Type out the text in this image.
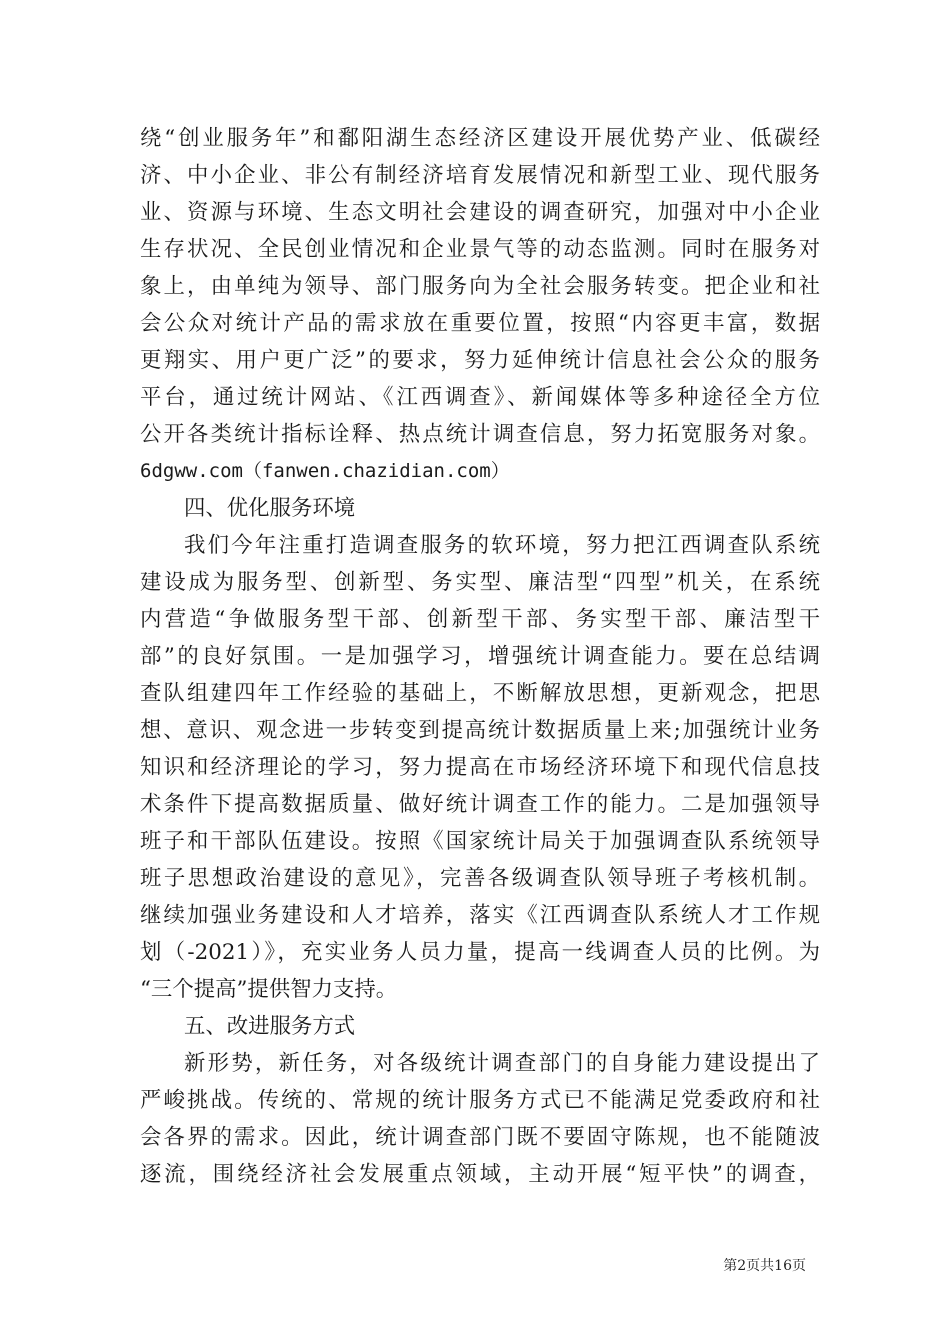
绕“创业服务年”和鄱阳湖生态经济区建设开展优势产业、低碳经

济、中小企业、非公有制经济培育发展情况和新型工业、现代服务

业、资源与环境、生态文明社会建设的调查研究，加强对中小企业

生存状况、全民创业情况和企业景气等的动态监测。同时在服务对

象上，由单纯为领导、部门服务向为全社会服务转变。把企业和社

会公众对统计产品的需求放在重要位置，按照“内容更丰富，数据

更翔实、用户更广泛”的要求，努力延伸统计信息社会公众的服务

平台，通过统计网站、《江西调查》、新闻媒体等多种途径全方位

公开各类统计指标诠释、热点统计调查信息，努力拓宽服务对象。

6dgww.com（fanwen.chazidian.com）

四、优化服务环境

我们今年注重打造调查服务的软环境，努力把江西调查队系统

建设成为服务型、创新型、务实型、廉洁型“四型”机关，在系统

内营造“争做服务型干部、创新型干部、务实型干部、廉洁型干

部”的良好氛围。一是加强学习，增强统计调查能力。要在总结调

查队组建四年工作经验的基础上，不断解放思想，更新观念，把思

想、意识、观念进一步转变到提高统计数据质量上来;加强统计业务

知识和经济理论的学习，努力提高在市场经济环境下和现代信息技

术条件下提高数据质量、做好统计调查工作的能力。二是加强领导

班子和干部队伍建设。按照《国家统计局关于加强调查队系统领导

班子思想政治建设的意见》，完善各级调查队领导班子考核机制。

继续加强业务建设和人才培养，落实《江西调查队系统人才工作规

划（-2021）》，充实业务人员力量，提高一线调查人员的比例。为

“三个提高”提供智力支持。

五、改进服务方式

新形势，新任务，对各级统计调查部门的自身能力建设提出了

严峻挑战。传统的、常规的统计服务方式已不能满足党委政府和社

会各界的需求。因此，统计调查部门既不要固守陈规，也不能随波

逐流，围绕经济社会发展重点领域，主动开展“短平快”的调查，

第2页共16页
